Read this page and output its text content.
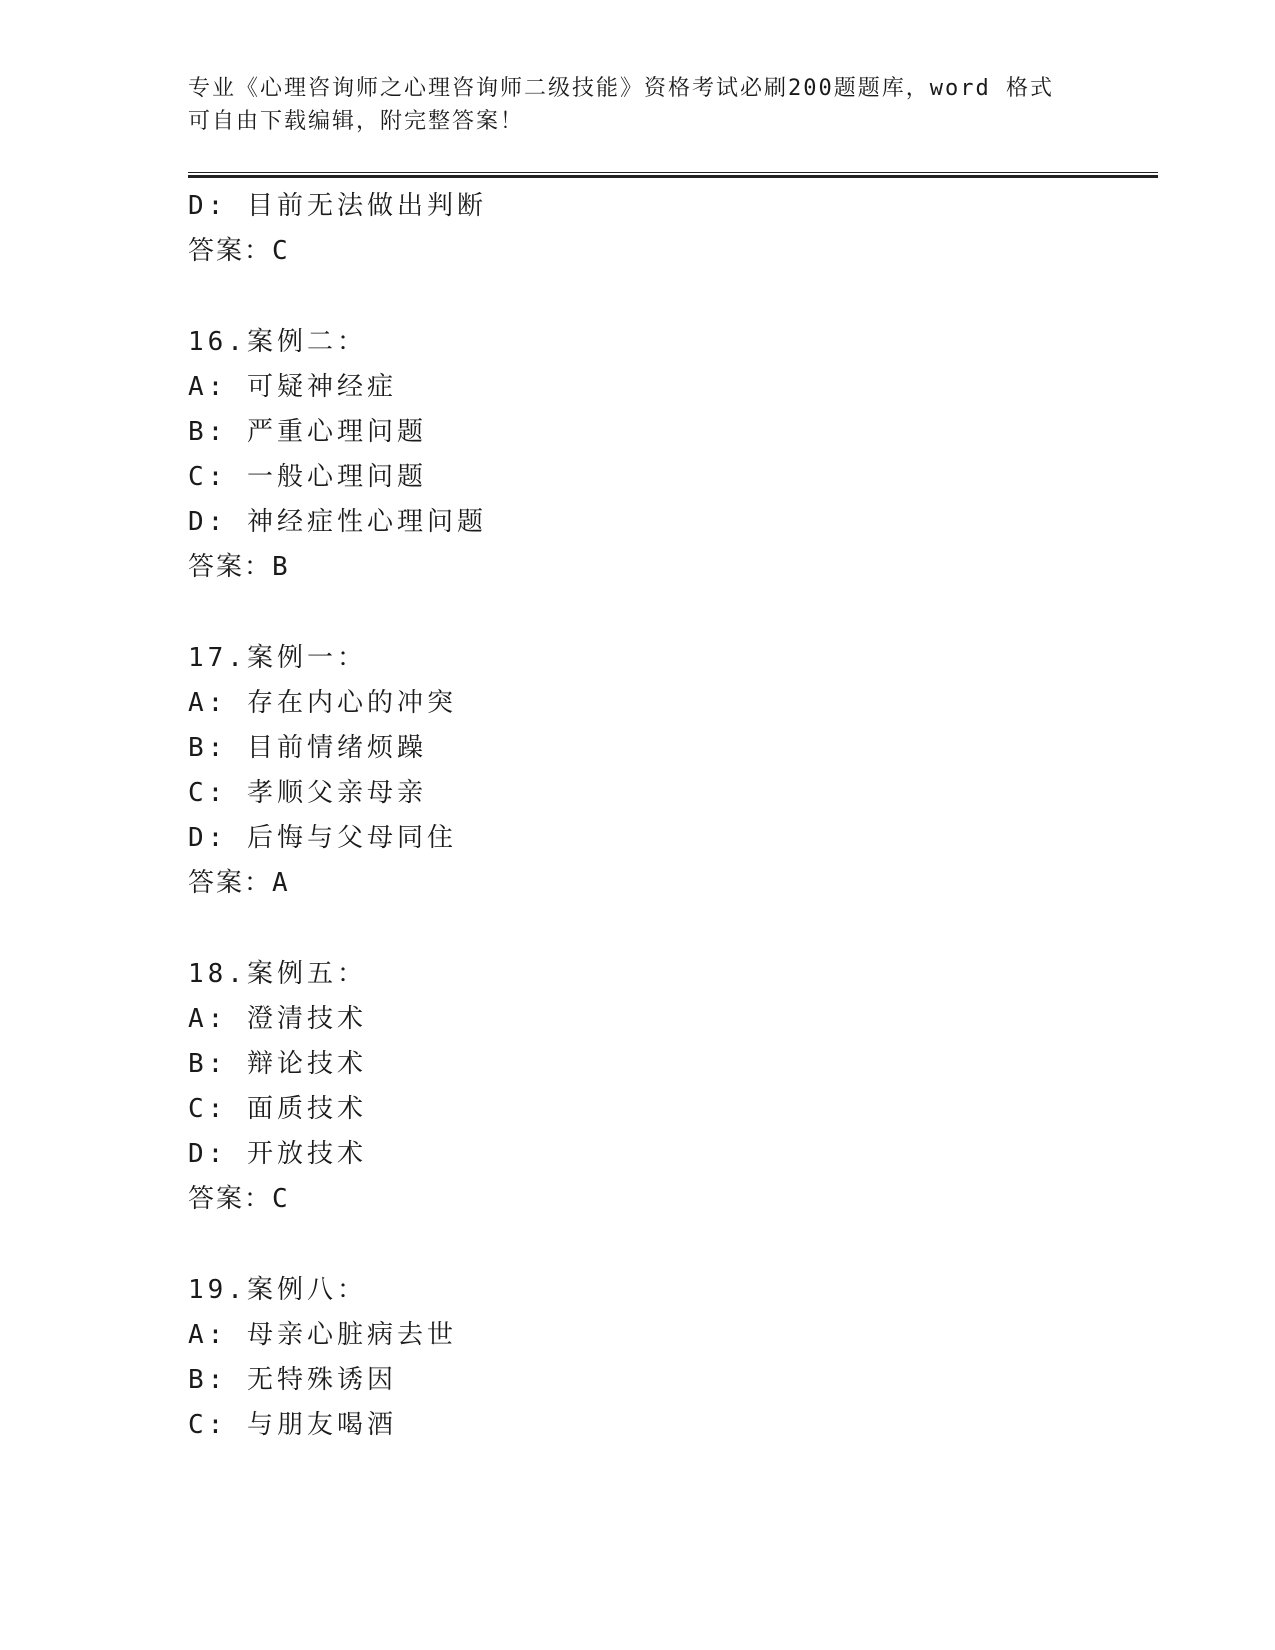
专业《心理咨询师之心理咨询师二级技能》资格考试必刷200题题库，word 格式
可自由下载编辑，附完整答案！
D: 目前无法做出判断
答案：C
16.案例二：
A: 可疑神经症
B: 严重心理问题
C: 一般心理问题
D: 神经症性心理问题
答案：B
17.案例一：
A: 存在内心的冲突
B: 目前情绪烦躁
C: 孝顺父亲母亲
D: 后悔与父母同住
答案：A
18.案例五：
A: 澄清技术
B: 辩论技术
C: 面质技术
D: 开放技术
答案：C
19.案例八：
A: 母亲心脏病去世
B: 无特殊诱因
C: 与朋友喝酒
